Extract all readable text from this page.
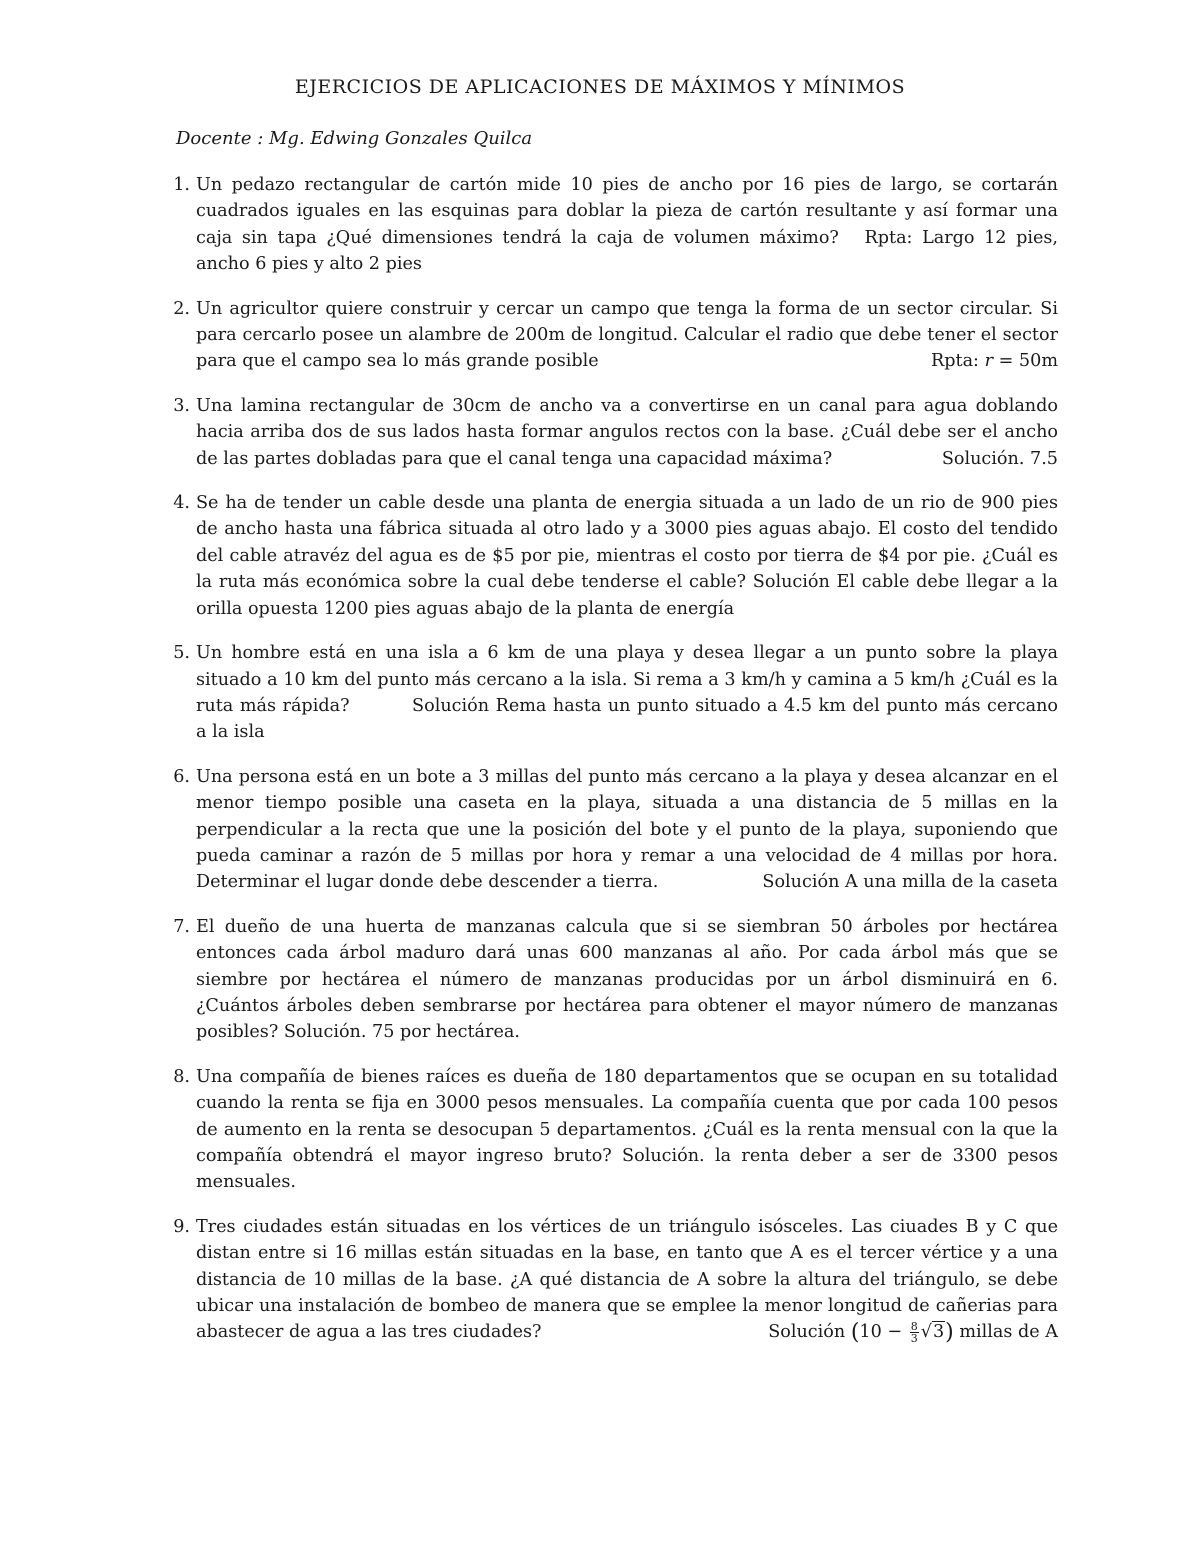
EJERCICIOS DE APLICACIONES DE MÁXIMOS Y MÍNIMOS
Docente : Mg. Edwing Gonzales Quilca
1. Un pedazo rectangular de cartón mide 10 pies de ancho por 16 pies de largo, se cortarán cuadrados iguales en las esquinas para doblar la pieza de cartón resultante y así formar una caja sin tapa ¿Qué dimensiones tendrá la caja de volumen máximo? Rpta: Largo 12 pies, ancho 6 pies y alto 2 pies
2. Un agricultor quiere construir y cercar un campo que tenga la forma de un sector circular. Si para cercarlo posee un alambre de 200m de longitud. Calcular el radio que debe tener el sector para que el campo sea lo más grande posible	Rpta: r = 50m
3. Una lamina rectangular de 30cm de ancho va a convertirse en un canal para agua doblando hacia arriba dos de sus lados hasta formar angulos rectos con la base. ¿Cuál debe ser el ancho de las partes dobladas para que el canal tenga una capacidad máxima?	Solución. 7.5
4. Se ha de tender un cable desde una planta de energia situada a un lado de un rio de 900 pies de ancho hasta una fábrica situada al otro lado y a 3000 pies aguas abajo. El costo del tendido del cable atravéz del agua es de $5 por pie, mientras el costo por tierra de $4 por pie. ¿Cuál es la ruta más económica sobre la cual debe tenderse el cable? Solución El cable debe llegar a la orilla opuesta 1200 pies aguas abajo de la planta de energía
5. Un hombre está en una isla a 6 km de una playa y desea llegar a un punto sobre la playa situado a 10 km del punto más cercano a la isla. Si rema a 3 km/h y camina a 5 km/h ¿Cuál es la ruta más rápida?	Solución Rema hasta un punto situado a 4.5 km del punto más cercano a la isla
6. Una persona está en un bote a 3 millas del punto más cercano a la playa y desea alcanzar en el menor tiempo posible una caseta en la playa, situada a una distancia de 5 millas en la perpendicular a la recta que une la posición del bote y el punto de la playa, suponiendo que pueda caminar a razón de 5 millas por hora y remar a una velocidad de 4 millas por hora. Determinar el lugar donde debe descender a tierra.	Solución A una milla de la caseta
7. El dueño de una huerta de manzanas calcula que si se siembran 50 árboles por hectárea entonces cada árbol maduro dará unas 600 manzanas al año. Por cada árbol más que se siembre por hectárea el número de manzanas producidas por un árbol disminuirá en 6. ¿Cuántos árboles deben sembrarse por hectárea para obtener el mayor número de manzanas posibles? Solución. 75 por hectárea.
8. Una compañía de bienes raíces es dueña de 180 departamentos que se ocupan en su totalidad cuando la renta se fija en 3000 pesos mensuales. La compañía cuenta que por cada 100 pesos de aumento en la renta se desocupan 5 departamentos. ¿Cuál es la renta mensual con la que la compañía obtendrá el mayor ingreso bruto? Solución. la renta deber a ser de 3300 pesos mensuales.
9. Tres ciudades están situadas en los vértices de un triángulo isósceles. Las ciuades B y C que distan entre si 16 millas están situadas en la base, en tanto que A es el tercer vértice y a una distancia de 10 millas de la base. ¿A qué distancia de A sobre la altura del triángulo, se debe ubicar una instalación de bombeo de manera que se emplee la menor longitud de cañerias para abastecer de agua a las tres ciudades?	Solución $(10 - \frac{8}{3} √3)$ millas de A
